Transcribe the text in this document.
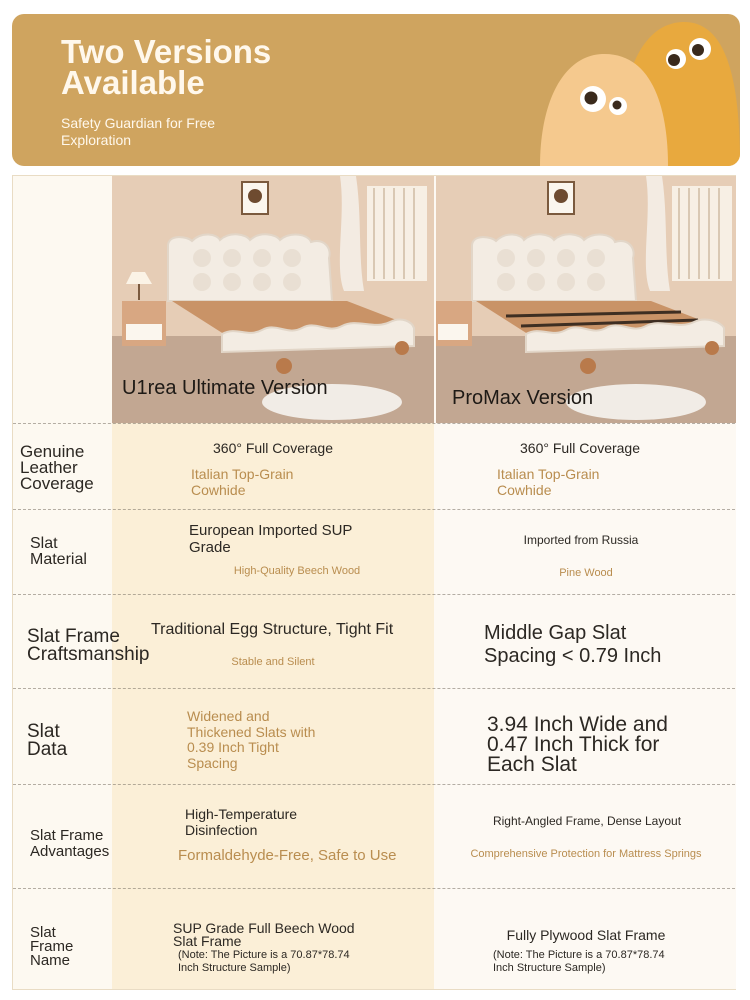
Two Versions
Available
Safety Guardian for Free Exploration
U1rea Ultimate Version	ProMax Version
Genuine
Leather
Coverage
360° Full Coverage
Italian Top-Grain
Cowhide
360° Full Coverage
Italian Top-Grain
Cowhide
Slat
Material
European Imported SUP
Grade
High-Quality Beech Wood
Imported from Russia
Pine Wood
Slat Frame
Craftsmanship
Traditional Egg Structure, Tight Fit
Stable and Silent
Middle Gap Slat
Spacing < 0.79 Inch
Slat
Data
Widened and
Thickened Slats with
0.39 Inch Tight
Spacing
3.94 Inch Wide and
0.47 Inch Thick for
Each Slat
Slat Frame
Advantages
High-Temperature
Disinfection
Formaldehyde-Free, Safe to Use
Right-Angled Frame, Dense Layout
Comprehensive Protection for Mattress Springs
Slat
Frame
Name
SUP Grade Full Beech Wood
Slat Frame
(Note: The Picture is a 70.87*78.74
Inch Structure Sample)
Fully Plywood Slat Frame
(Note: The Picture is a 70.87*78.74
Inch Structure Sample)
